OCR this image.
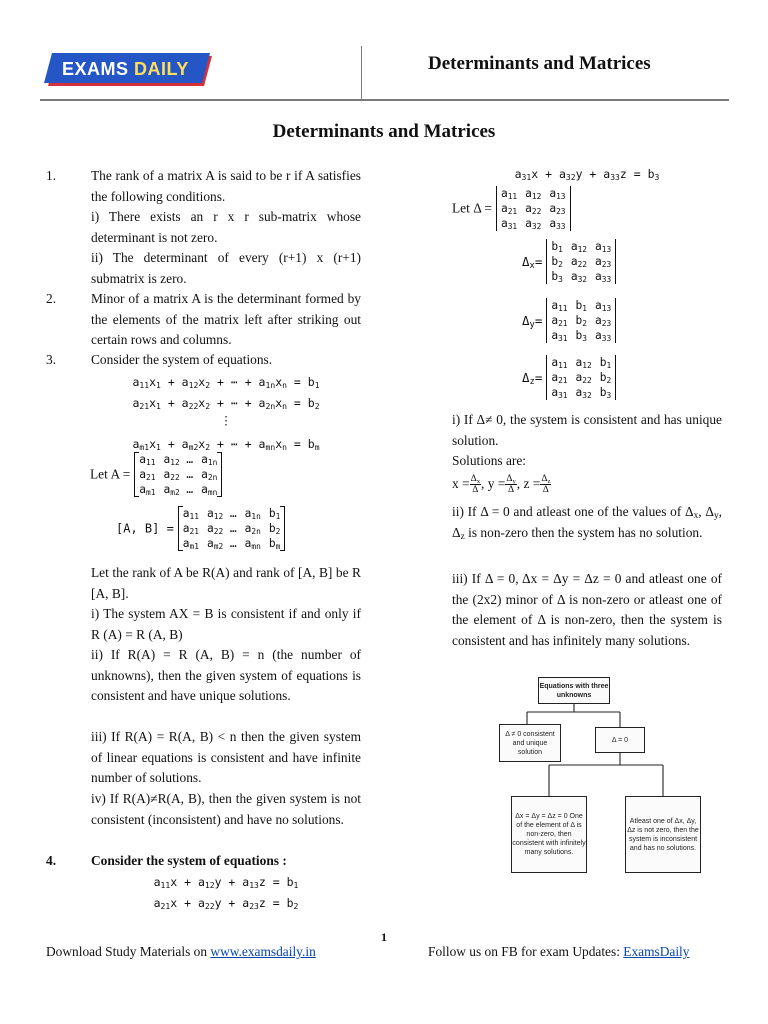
EXAMS DAILY	Determinants and Matrices
Determinants and Matrices
1.	The rank of a matrix A is said to be r if A satisfies the following conditions.
i) There exists an r x r sub-matrix whose determinant is not zero.
ii) The determinant of every (r+1) x (r+1) submatrix is zero.
2.	Minor of a matrix A is the determinant formed by the elements of the matrix left after striking out certain rows and columns.
3.	Consider the system of equations.
$a_{11}x_1 + a_{12}x_2$ + ⋯ + $a_{1n}x_n = b_1$
$a_{21}x_1 + a_{22}x_2$ + ⋯ + $a_{2n}x_n = b_2$
⋮
$a_{m1}x_1 + a_{m2}x_2$ + ⋯ + $a_{mn}x_n = b_m$
Let A =
$a_{11}$	$a_{12}$ …	$a_{1n}$
$a_{21}$	$a_{22}$ …	$a_{2n}$
$a_{m1}$	$a_{m2}$ …	$a_{mn}$
[A, B] =
$a_{11}$	$a_{12}$ …	$a_{1n}$	$b_1$
$a_{21}$	$a_{22}$ …	$a_{2n}$	$b_2$
$a_{m1}$	$a_{m2}$ …	$a_{mn}$	$b_m$
Let the rank of A be R(A) and rank of [A, B] be R [A, B].
i) The system AX = B is consistent if and only if R (A) = R (A, B)
ii) If R(A) = R (A, B) = n (the number of unknowns), then the given system of equations is consistent and have unique solutions.
iii) If R(A) = R(A, B) < n then the given system of linear equations is consistent and have infinite number of solutions.
iv) If R(A)≠R(A, B), then the given system is not consistent (inconsistent) and have no solutions.
4.	Consider the system of equations :
$a_{11}x + a_{12}y + a_{13}z = b_1$
$a_{21}x + a_{22}y + a_{23}z = b_2$
$a_{31}x + a_{32}y + a_{33}z = b_3$
Let Δ =
$a_{11}$	$a_{12}$	$a_{13}$
$a_{21}$	$a_{22}$	$a_{23}$
$a_{31}$	$a_{32}$	$a_{33}$
$\Delta_x=$
$b_1$	$a_{12}$	$a_{13}$
$b_2$	$a_{22}$	$a_{23}$
$b_3$	$a_{32}$	$a_{33}$
$\Delta_y=$
$a_{11}$	$b_1$	$a_{13}$
$a_{21}$	$b_2$	$a_{23}$
$a_{31}$	$b_3$	$a_{33}$
$\Delta_z=$
$a_{11}$	$a_{12}$	$b_1$
$a_{21}$	$a_{22}$	$b_2$
$a_{31}$	$a_{32}$	$b_3$
i) If Δ≠ 0, the system is consistent and has unique solution.
Solutions are:
$x = \frac{\Delta_x}{\Delta}$ , $y = \frac{\Delta_y}{\Delta}$ , $z = \frac{\Delta_z}{\Delta}$
ii) If Δ = 0 and atleast one of the values of $\Delta_x$, $\Delta_y$, $\Delta_z$ is non-zero then the system has no solution.
iii) If Δ = 0, Δx = Δy = Δz = 0 and atleast one of the (2x2) minor of Δ is non-zero or atleast one of the element of Δ is non-zero, then the system is consistent and has infinitely many solutions.
Equations with three unknowns
Δ ≠ 0 consistent and unique solution
Δ = 0
Δx = Δy = Δz = 0 One of the element of Δ is non-zero, then consistent with infinitely many solutions.
Atleast one of Δx, Δy, Δz is not zero, then the system is inconsistent and has no solutions.
1
Download Study Materials on www.examsdaily.in	Follow us on FB for exam Updates: ExamsDaily
